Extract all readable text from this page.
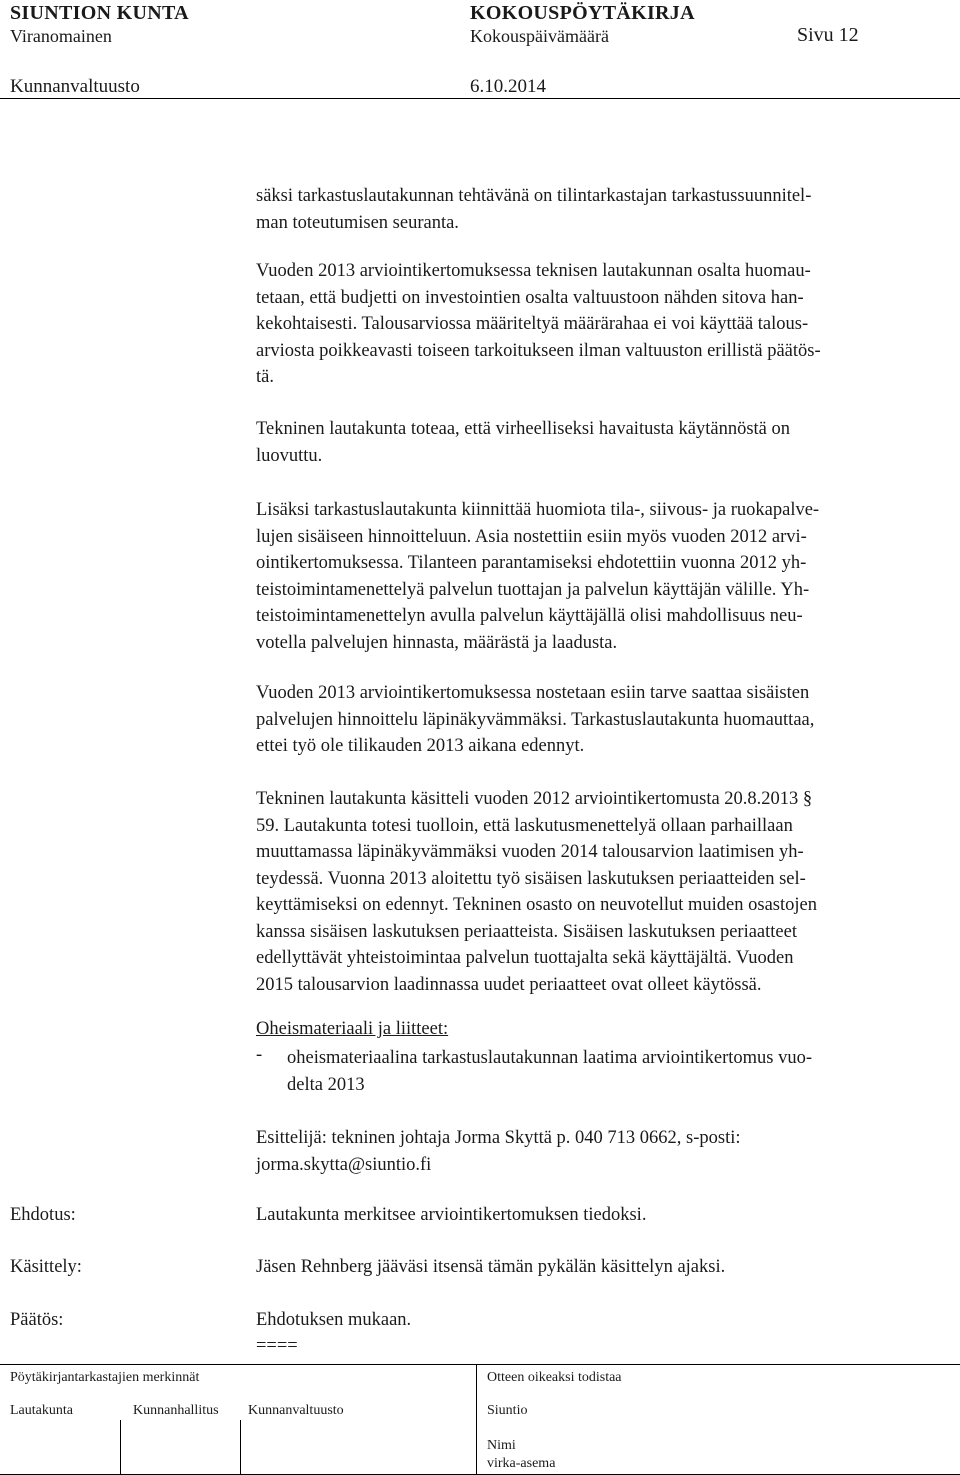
SIUNTION KUNTA	KOKOUSPÖYTÄKIRJA
Viranomainen	Kokouspäivämäärä	Sivu 12
Kunnanvaltuusto	6.10.2014
säksi tarkastuslautakunnan tehtävänä on tilintarkastajan tarkastussuunnitel-
man toteutumisen seuranta.
Vuoden 2013 arviointikertomuksessa teknisen lautakunnan osalta huomau-
tetaan, että budjetti on investointien osalta valtuustoon nähden sitova han-
kekohtaisesti. Talousarviossa määriteltyä määrärahaa ei voi käyttää talous-
arviosta poikkeavasti toiseen tarkoitukseen ilman valtuuston erillistä päätös-
tä.
Tekninen lautakunta toteaa, että virheelliseksi havaitusta käytännöstä on
luovuttu.
Lisäksi tarkastuslautakunta kiinnittää huomiota tila-, siivous- ja ruokapalve-
lujen sisäiseen hinnoitteluun. Asia nostettiin esiin myös vuoden 2012 arvi-
ointikertomuksessa. Tilanteen parantamiseksi ehdotettiin vuonna 2012 yh-
teistoimintamenettelyä palvelun tuottajan ja palvelun käyttäjän välille. Yh-
teistoimintamenettelyn avulla palvelun käyttäjällä olisi mahdollisuus neu-
votella palvelujen hinnasta, määrästä ja laadusta.
Vuoden 2013 arviointikertomuksessa nostetaan esiin tarve saattaa sisäisten
palvelujen hinnoittelu läpinäkyvämmäksi. Tarkastuslautakunta huomauttaa,
ettei työ ole tilikauden 2013 aikana edennyt.
Tekninen lautakunta käsitteli vuoden 2012 arviointikertomusta 20.8.2013 §
59. Lautakunta totesi tuolloin, että laskutusmenettelyä ollaan parhaillaan
muuttamassa läpinäkyvämmäksi vuoden 2014 talousarvion laatimisen yh-
teydessä. Vuonna 2013 aloitettu työ sisäisen laskutuksen periaatteiden sel-
keyttämiseksi on edennyt. Tekninen osasto on neuvotellut muiden osastojen
kanssa sisäisen laskutuksen periaatteista. Sisäisen laskutuksen periaatteet
edellyttävät yhteistoimintaa palvelun tuottajalta sekä käyttäjältä. Vuoden
2015 talousarvion laadinnassa uudet periaatteet ovat olleet käytössä.
Oheismateriaali ja liitteet:
- oheismateriaalina tarkastuslautakunnan laatima arviointikertomus vuo-
delta 2013
Esittelijä: tekninen johtaja Jorma Skyttä p. 040 713 0662, s-posti:
jorma.skytta@siuntio.fi
Ehdotus:	Lautakunta merkitsee arviointikertomuksen tiedoksi.
Käsittely:	Jäsen Rehnberg jääväsi itsensä tämän pykälän käsittelyn ajaksi.
Päätös:	Ehdotuksen mukaan.
====
Pöytäkirjantarkastajien merkinnät	Otteen oikeaksi todistaa
Lautakunta	Kunnanhallitus Kunnanvaltuusto	Siuntio
Nimi
virka-asema
